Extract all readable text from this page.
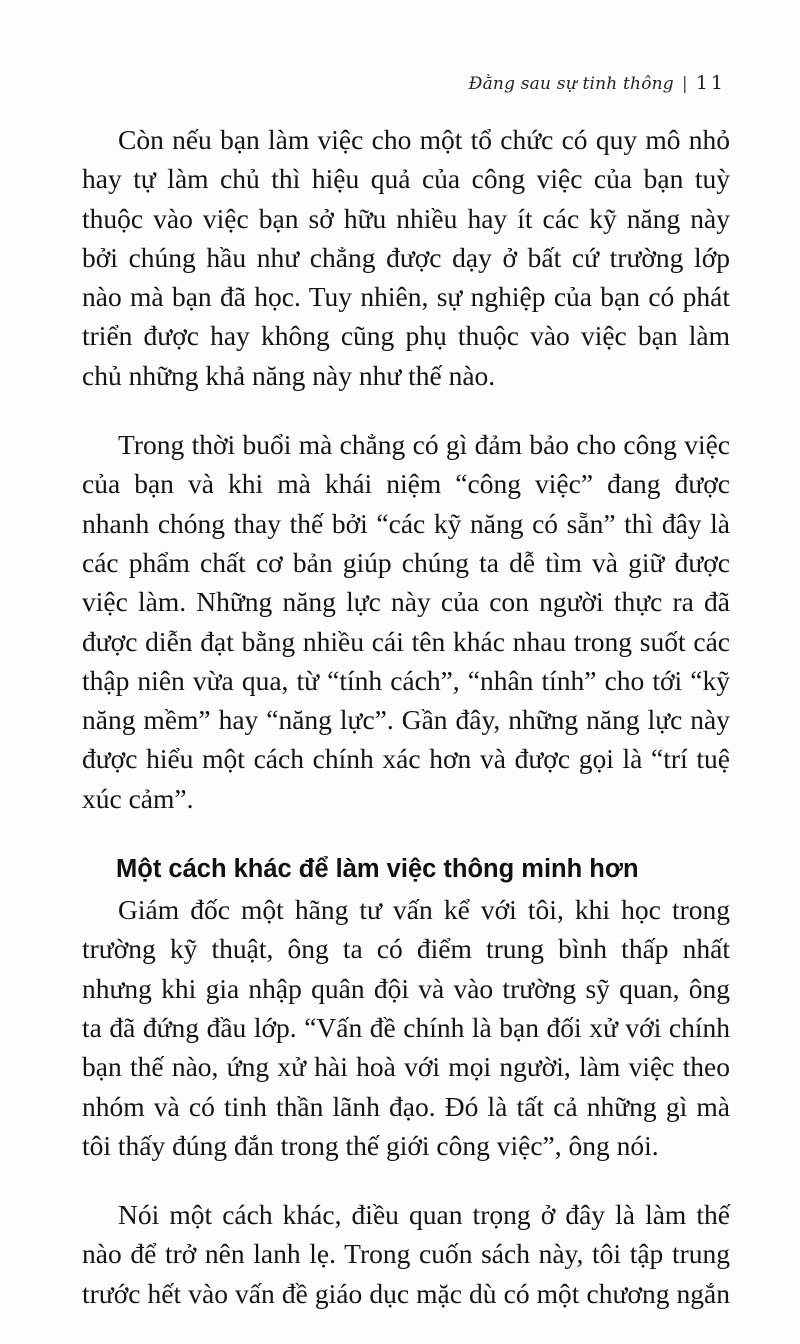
Đằng sau sự tinh thông | 11

Còn nếu bạn làm việc cho một tổ chức có quy mô nhỏ hay tự làm chủ thì hiệu quả của công việc của bạn tuỳ thuộc vào việc bạn sở hữu nhiều hay ít các kỹ năng này bởi chúng hầu như chẳng được dạy ở bất cứ trường lớp nào mà bạn đã học. Tuy nhiên, sự nghiệp của bạn có phát triển được hay không cũng phụ thuộc vào việc bạn làm chủ những khả năng này như thế nào.

Trong thời buổi mà chẳng có gì đảm bảo cho công việc của bạn và khi mà khái niệm “công việc” đang được nhanh chóng thay thế bởi “các kỹ năng có sẵn” thì đây là các phẩm chất cơ bản giúp chúng ta dễ tìm và giữ được việc làm. Những năng lực này của con người thực ra đã được diễn đạt bằng nhiều cái tên khác nhau trong suốt các thập niên vừa qua, từ “tính cách”, “nhân tính” cho tới “kỹ năng mềm” hay “năng lực”. Gần đây, những năng lực này được hiểu một cách chính xác hơn và được gọi là “trí tuệ xúc cảm”.

Một cách khác để làm việc thông minh hơn

Giám đốc một hãng tư vấn kể với tôi, khi học trong trường kỹ thuật, ông ta có điểm trung bình thấp nhất nhưng khi gia nhập quân đội và vào trường sỹ quan, ông ta đã đứng đầu lớp. “Vấn đề chính là bạn đối xử với chính bạn thế nào, ứng xử hài hoà với mọi người, làm việc theo nhóm và có tinh thần lãnh đạo. Đó là tất cả những gì mà tôi thấy đúng đắn trong thế giới công việc”, ông nói.

Nói một cách khác, điều quan trọng ở đây là làm thế nào để trở nên lanh lẹ. Trong cuốn sách này, tôi tập trung trước hết vào vấn đề giáo dục mặc dù có một chương ngắn
